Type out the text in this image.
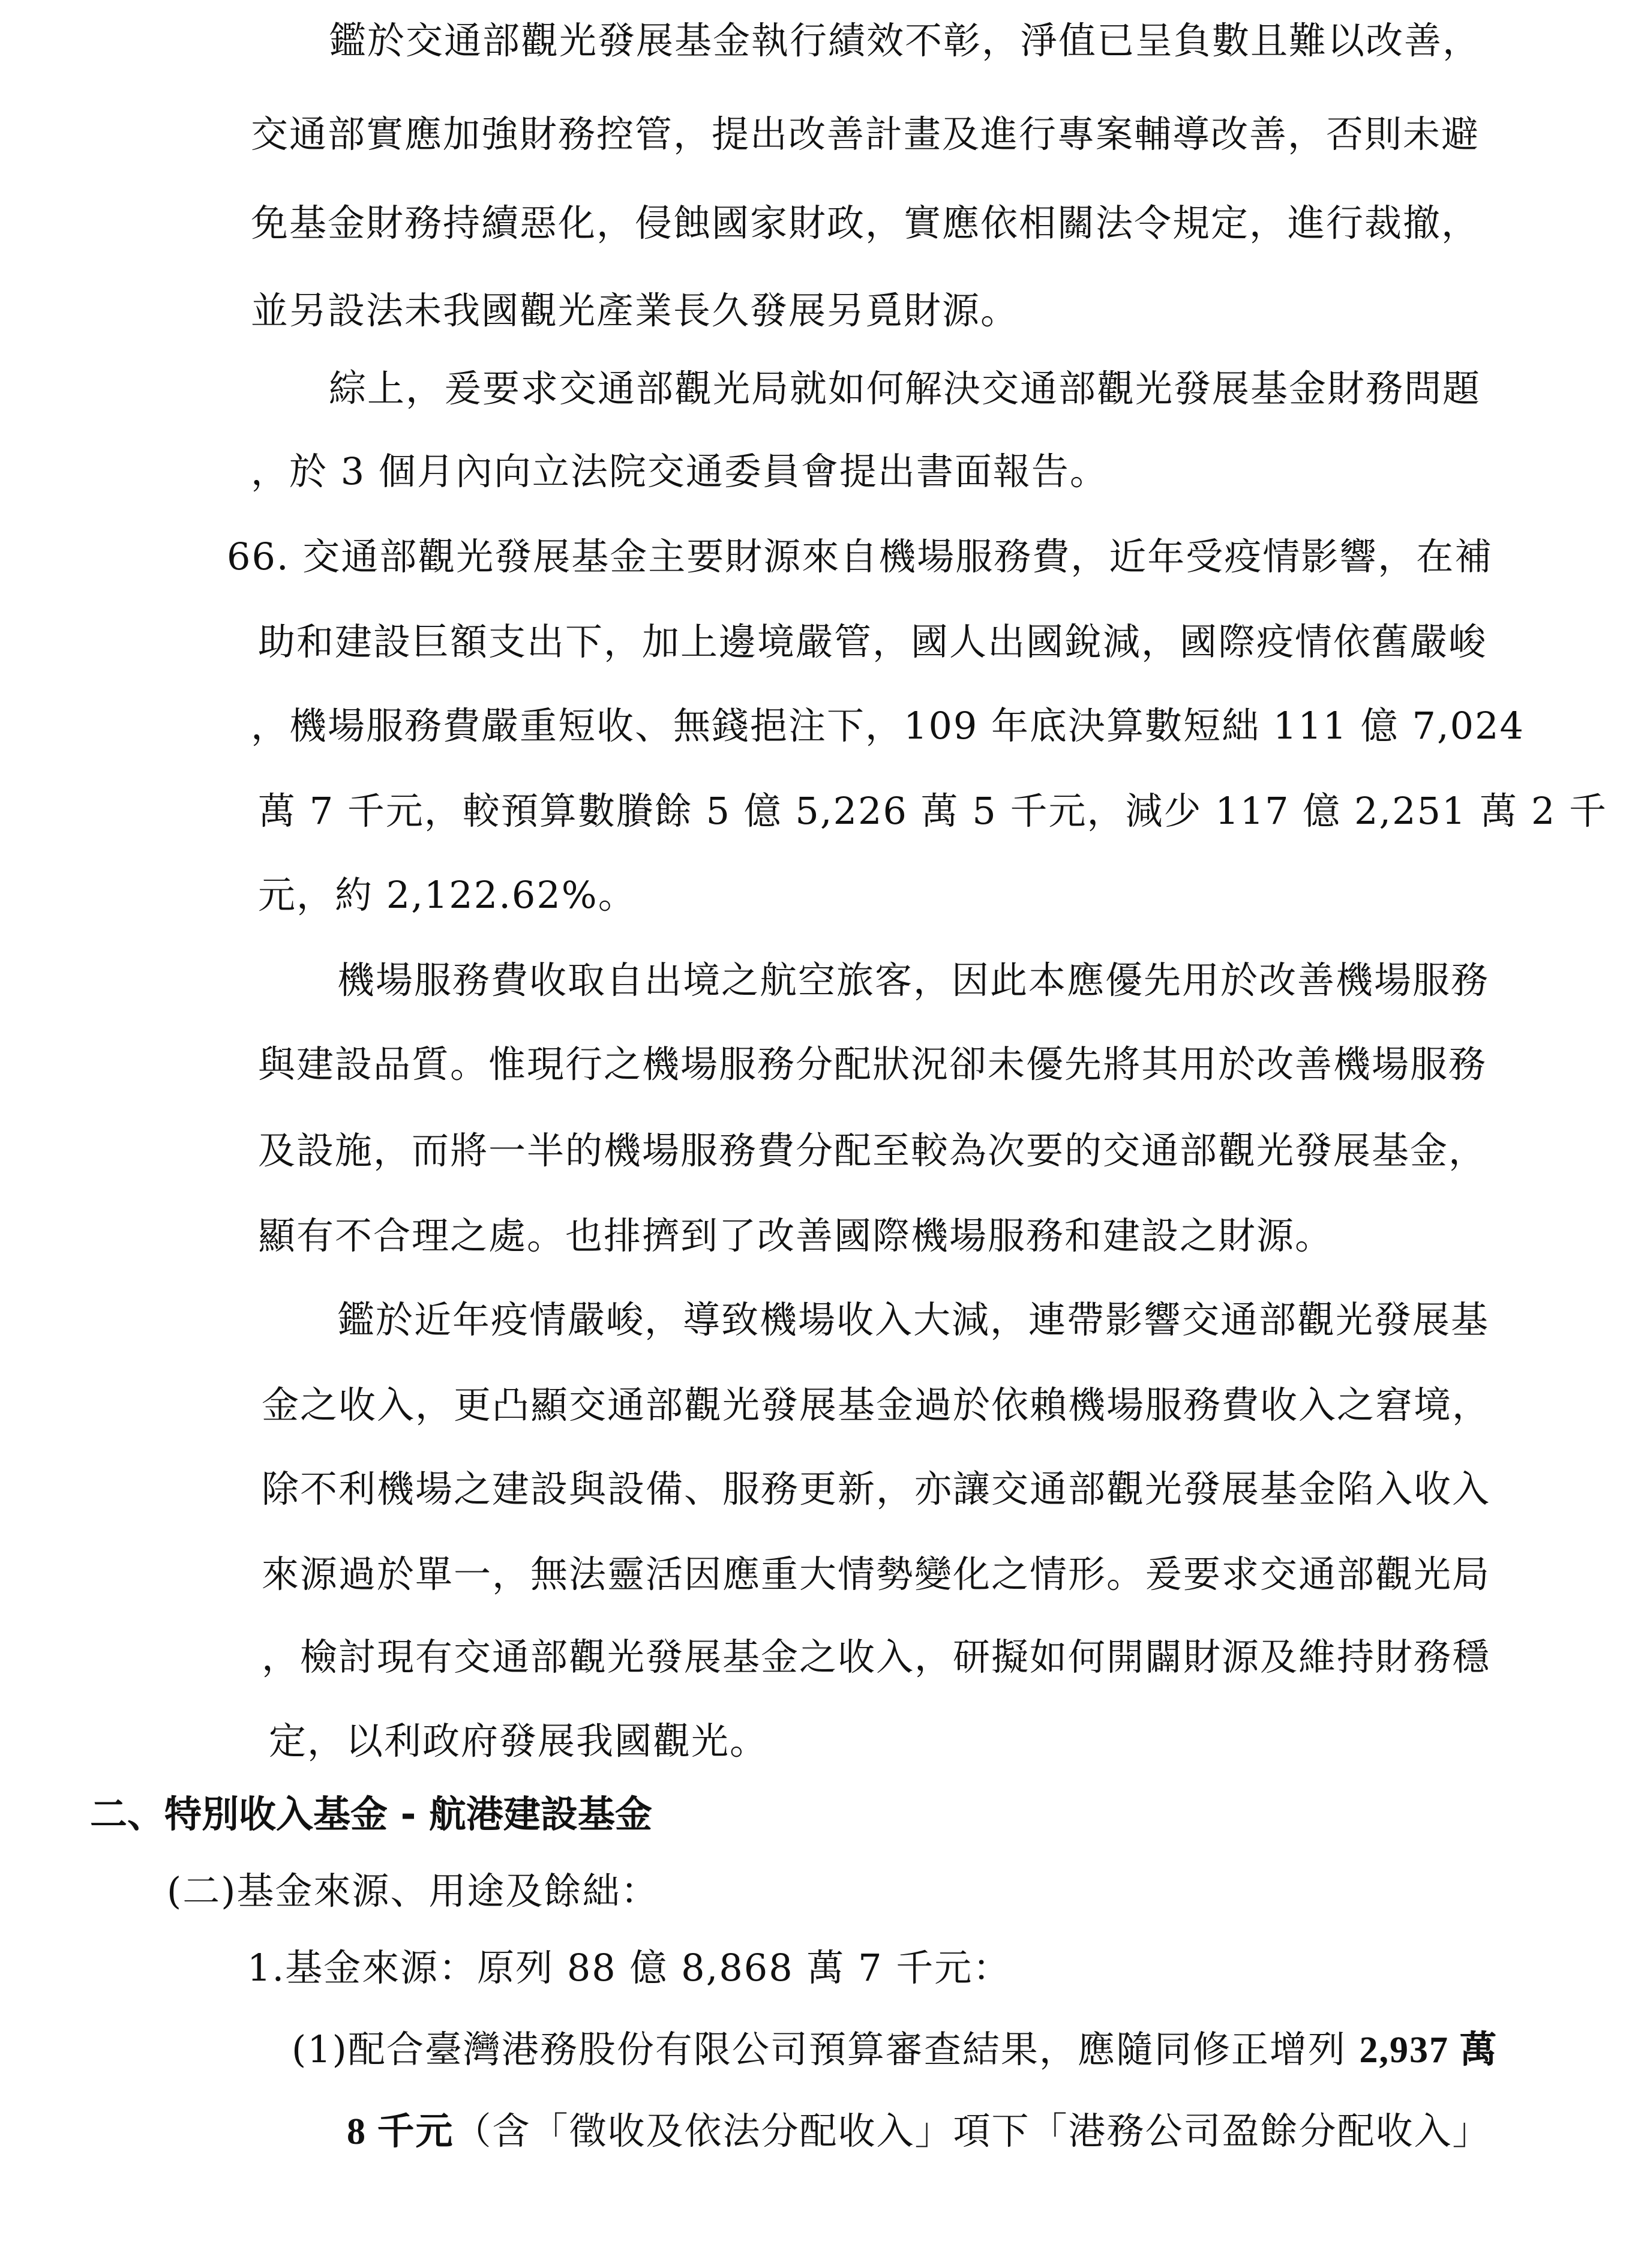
鑑於交通部觀光發展基金執行績效不彰，淨值已呈負數且難以改善，
交通部實應加強財務控管，提出改善計畫及進行專案輔導改善，否則未避
免基金財務持續惡化，侵蝕國家財政，實應依相關法令規定，進行裁撤，
並另設法未我國觀光產業長久發展另覓財源。
綜上，爰要求交通部觀光局就如何解決交通部觀光發展基金財務問題
，於 3 個月內向立法院交通委員會提出書面報告。
66. 交通部觀光發展基金主要財源來自機場服務費，近年受疫情影響，在補
助和建設巨額支出下，加上邊境嚴管，國人出國銳減，國際疫情依舊嚴峻
，機場服務費嚴重短收、無錢挹注下，109 年底決算數短絀 111 億 7,024
萬 7 千元，較預算數賸餘 5 億 5,226 萬 5 千元，減少 117 億 2,251 萬 2 千
元，約 2,122.62%。
機場服務費收取自出境之航空旅客，因此本應優先用於改善機場服務
與建設品質。惟現行之機場服務分配狀況卻未優先將其用於改善機場服務
及設施，而將一半的機場服務費分配至較為次要的交通部觀光發展基金，
顯有不合理之處。也排擠到了改善國際機場服務和建設之財源。
鑑於近年疫情嚴峻，導致機場收入大減，連帶影響交通部觀光發展基
金之收入，更凸顯交通部觀光發展基金過於依賴機場服務費收入之窘境，
除不利機場之建設與設備、服務更新，亦讓交通部觀光發展基金陷入收入
來源過於單一，無法靈活因應重大情勢變化之情形。爰要求交通部觀光局
，檢討現有交通部觀光發展基金之收入，研擬如何開闢財源及維持財務穩
定，以利政府發展我國觀光。
二、特別收入基金 - 航港建設基金
(二)基金來源、用途及餘絀：
1.基金來源：原列 88 億 8,868 萬 7 千元：
(1)配合臺灣港務股份有限公司預算審查結果，應隨同修正增列 2,937 萬
8 千元（含「徵收及依法分配收入」項下「港務公司盈餘分配收入」
